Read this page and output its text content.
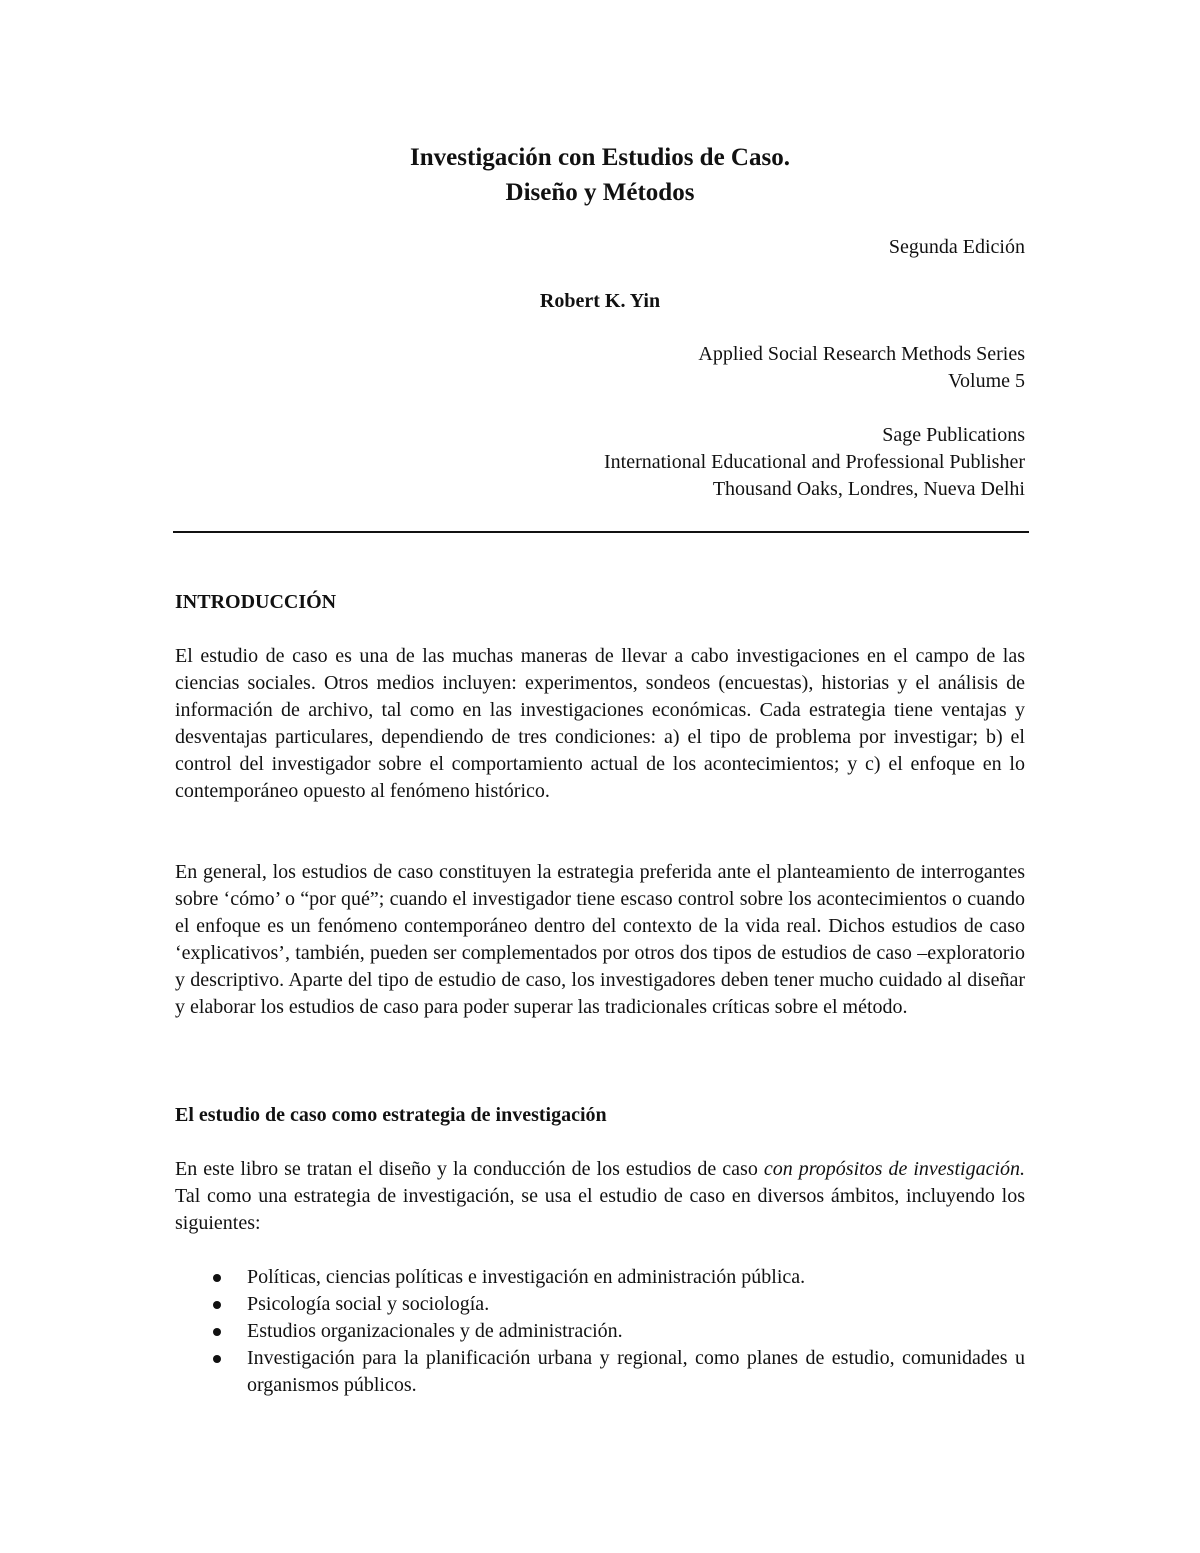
Investigación con Estudios de Caso.
Diseño y Métodos
Segunda Edición
Robert K. Yin
Applied Social Research Methods Series
Volume 5
Sage Publications
International Educational and Professional Publisher
Thousand Oaks, Londres, Nueva Delhi
INTRODUCCIÓN

El estudio de caso es una de las muchas maneras de llevar a cabo investigaciones en el campo de las ciencias sociales. Otros medios incluyen: experimentos, sondeos (encuestas), historias y el análisis de información de archivo, tal como en las investigaciones económicas. Cada estrategia tiene ventajas y desventajas particulares, dependiendo de tres condiciones: a) el tipo de problema por investigar; b) el control del investigador sobre el comportamiento actual de los acontecimientos; y c) el enfoque en lo contemporáneo opuesto al fenómeno histórico.

En general, los estudios de caso constituyen la estrategia preferida ante el planteamiento de interrogantes sobre ‘cómo’ o “por qué”; cuando el investigador tiene escaso control sobre los acontecimientos o cuando el enfoque es un fenómeno contemporáneo dentro del contexto de la vida real. Dichos estudios de caso ‘explicativos’, también, pueden ser complementados por otros dos tipos de estudios de caso –exploratorio y descriptivo. Aparte del tipo de estudio de caso, los investigadores deben tener mucho cuidado al diseñar y elaborar los estudios de caso para poder superar las tradicionales críticas sobre el método.

El estudio de caso como estrategia de investigación

En este libro se tratan el diseño y la conducción de los estudios de caso con propósitos de investigación. Tal como una estrategia de investigación, se usa el estudio de caso en diversos ámbitos, incluyendo los siguientes:

Políticas, ciencias políticas e investigación en administración pública.
Psicología social y sociología.
Estudios organizacionales y de administración.
Investigación para la planificación urbana y regional, como planes de estudio, comunidades u organismos públicos.
